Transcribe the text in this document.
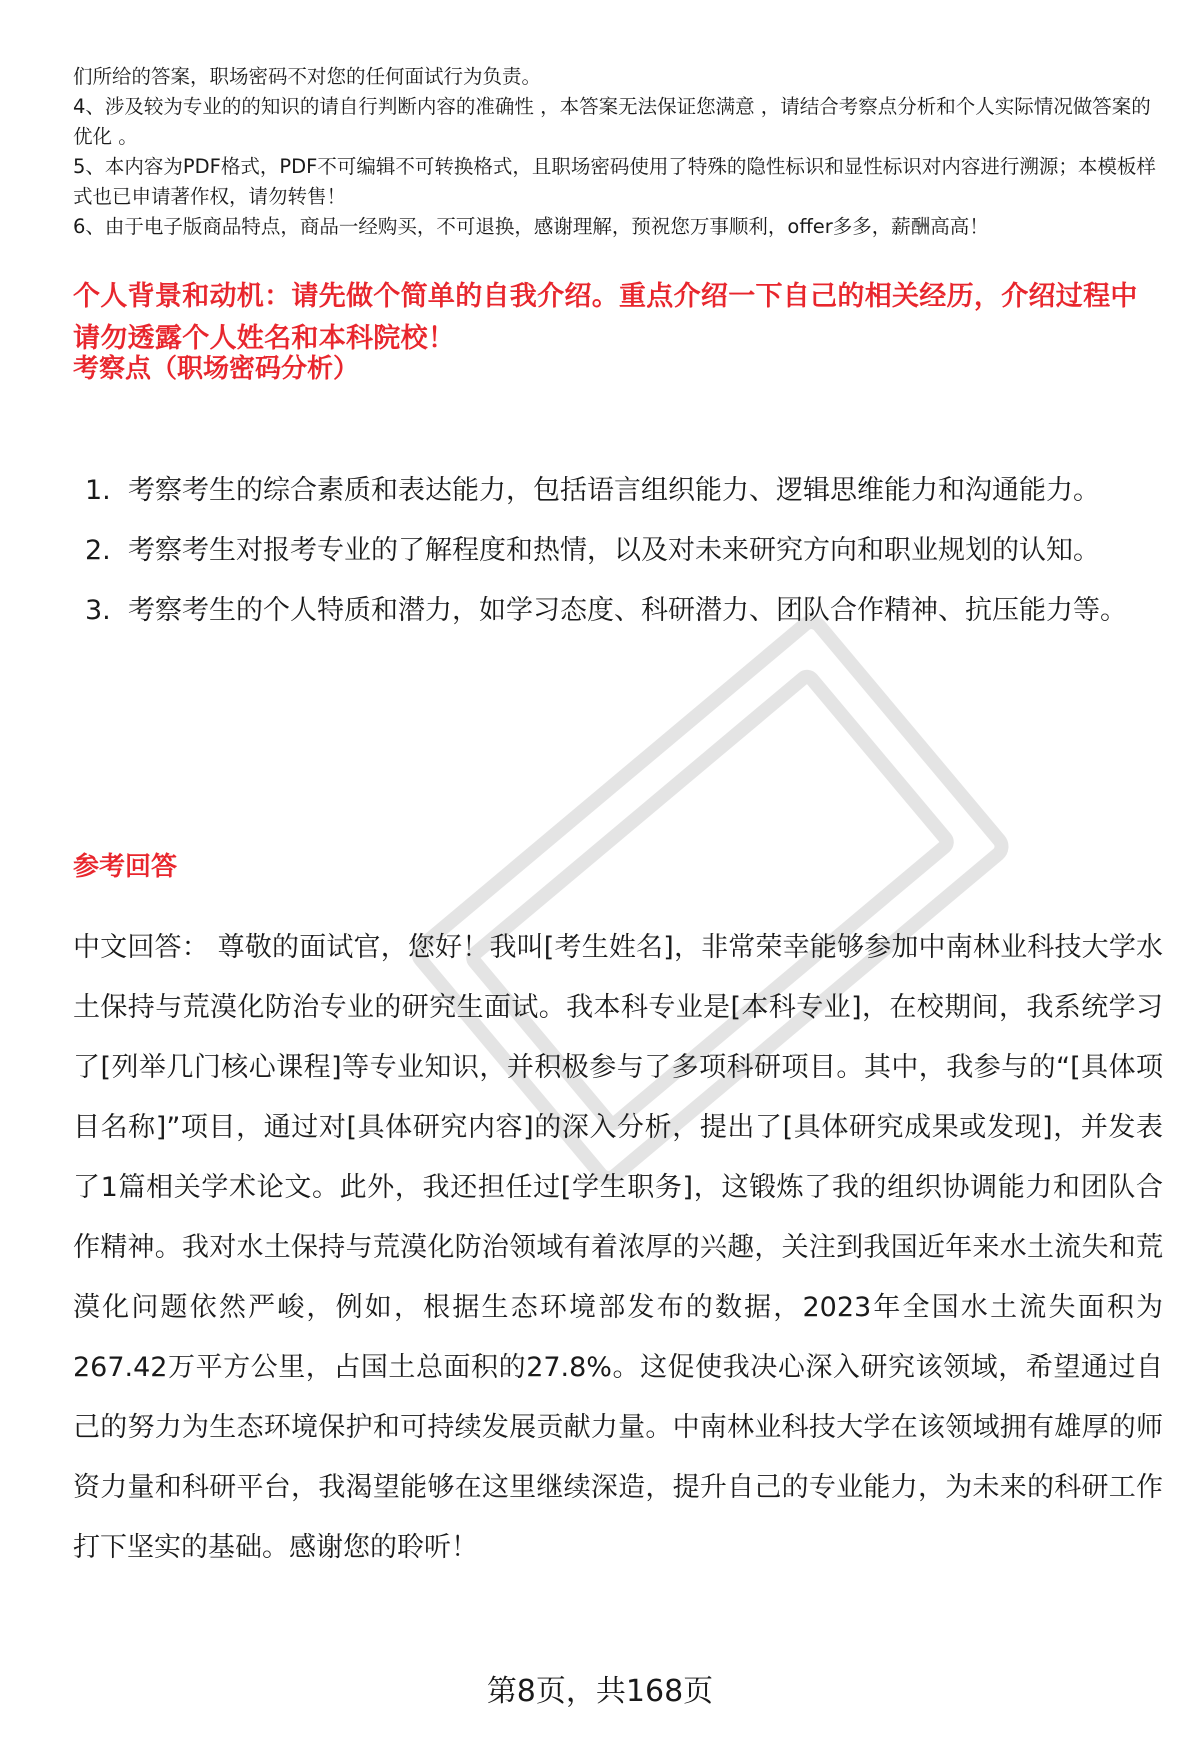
们所给的答案，职场密码不对您的任何面试行为负责。

4、涉及较为专业的的知识的请自行判断内容的准确性 ，本答案无法保证您满意 ，请结合考察点分析和个人实际情况做答案的优化 。

5、本内容为PDF格式，PDF不可编辑不可转换格式，且职场密码使用了特殊的隐性标识和显性标识对内容进行溯源；本模板样式也已申请著作权，请勿转售！

6、由于电子版商品特点，商品一经购买，不可退换，感谢理解，预祝您万事顺利，offer多多，薪酬高高！

个人背景和动机：请先做个简单的自我介绍。重点介绍一下自己的相关经历，介绍过程中请勿透露个人姓名和本科院校！
考察点（职场密码分析）
1. 考察考生的综合素质和表达能力，包括语言组织能力、逻辑思维能力和沟通能力。
2. 考察考生对报考专业的了解程度和热情，以及对未来研究方向和职业规划的认知。
3. 考察考生的个人特质和潜力，如学习态度、科研潜力、团队合作精神、抗压能力等。
参考回答

中文回答： 尊敬的面试官，您好！我叫[考生姓名]，非常荣幸能够参加中南林业科技大学水土保持与荒漠化防治专业的研究生面试。我本科专业是[本科专业]，在校期间，我系统学习了[列举几门核心课程]等专业知识，并积极参与了多项科研项目。其中，我参与的“[具体项目名称]”项目，通过对[具体研究内容]的深入分析，提出了[具体研究成果或发现]，并发表了1篇相关学术论文。此外，我还担任过[学生职务]，这锻炼了我的组织协调能力和团队合作精神。我对水土保持与荒漠化防治领域有着浓厚的兴趣，关注到我国近年来水土流失和荒漠化问题依然严峻，例如，根据生态环境部发布的数据，2023年全国水土流失面积为267.42万平方公里，占国土总面积的27.8%。这促使我决心深入研究该领域，希望通过自己的努力为生态环境保护和可持续发展贡献力量。中南林业科技大学在该领域拥有雄厚的师资力量和科研平台，我渴望能够在这里继续深造，提升自己的专业能力，为未来的科研工作打下坚实的基础。感谢您的聆听！

第8页，共168页
